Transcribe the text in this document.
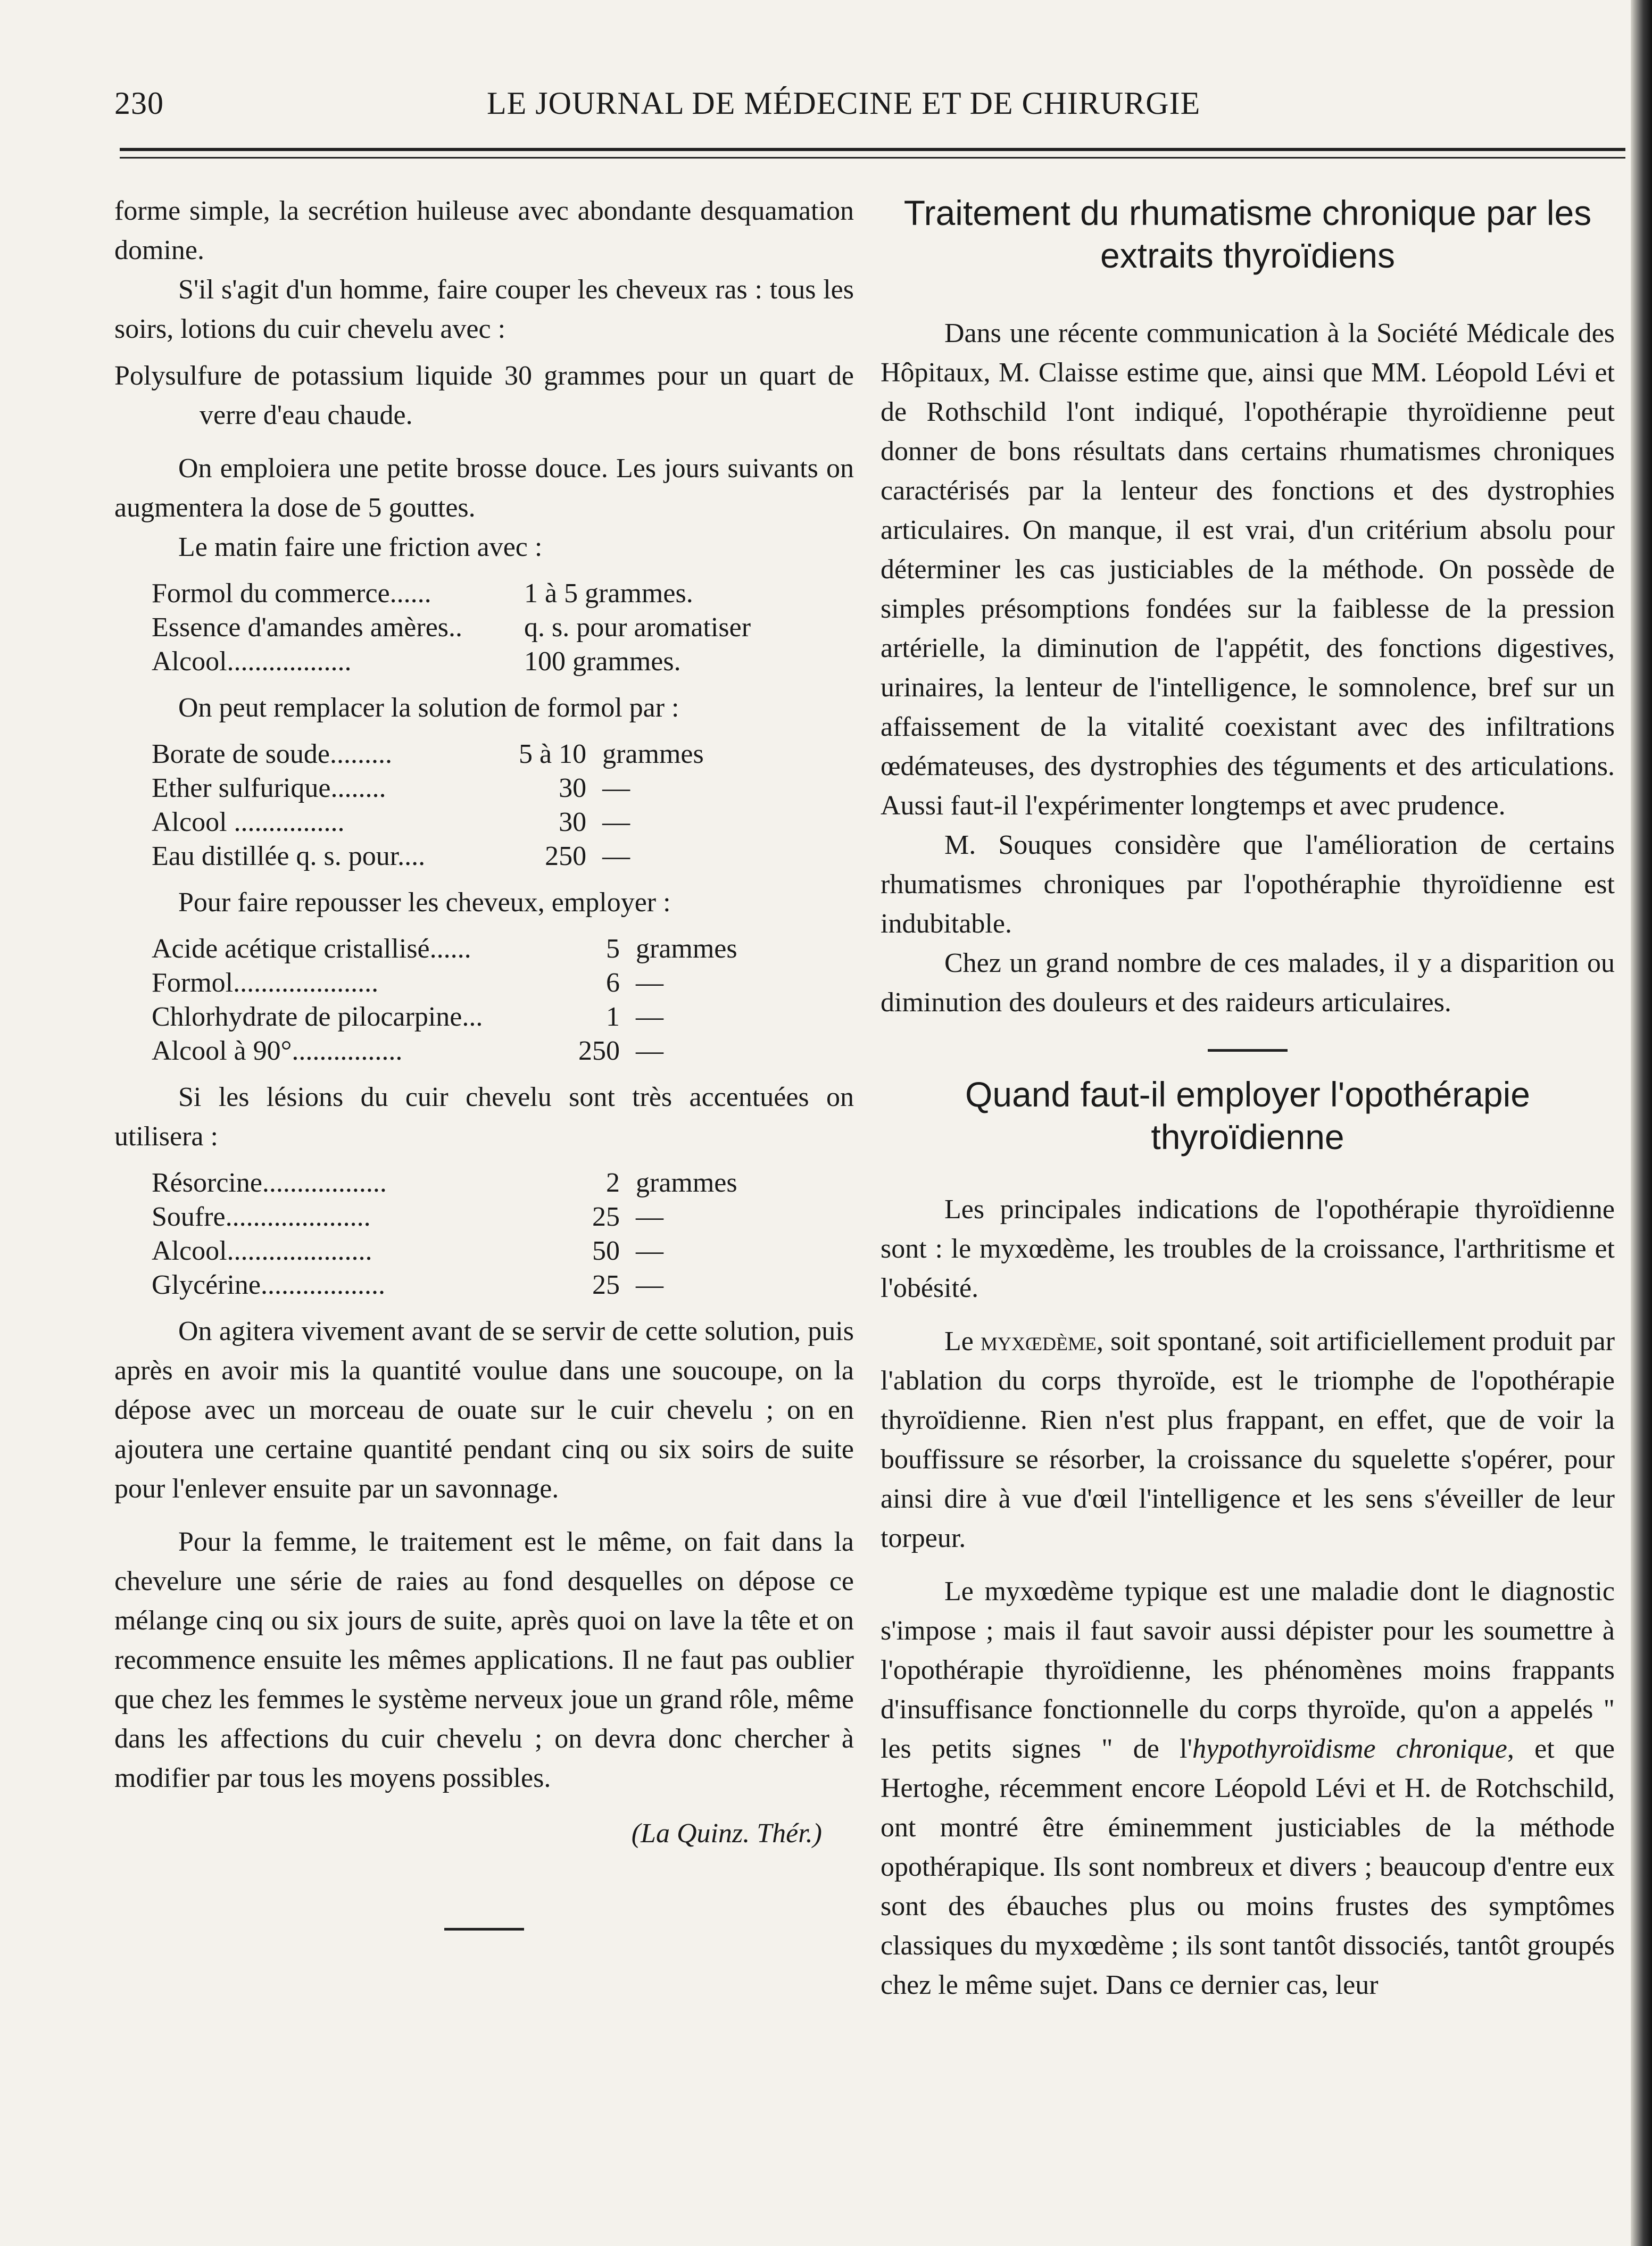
230	LE JOURNAL DE MÉDECINE ET DE CHIRURGIE

forme simple, la secrétion huileuse avec abondante desquamation domine.

S'il s'agit d'un homme, faire couper les cheveux ras : tous les soirs, lotions du cuir chevelu avec :

Polysulfure de potassium liquide 30 grammes pour un quart de verre d'eau chaude.

On emploiera une petite brosse douce. Les jours suivants on augmentera la dose de 5 gouttes.

Le matin faire une friction avec :

Formol du commerce......	1 à 5 grammes.
Essence d'amandes amères..	q. s. pour aromatiser
Alcool..................	100 grammes.

On peut remplacer la solution de formol par :

Borate de soude.........	5 à 10	grammes
Ether sulfurique........	30	—
Alcool ................	30	—
Eau distillée q. s. pour....	250	—

Pour faire repousser les cheveux, employer :

Acide acétique cristallisé......	5	grammes
Formol.....................	6	—
Chlorhydrate de pilocarpine...	1	—
Alcool à 90°................	250	—

Si les lésions du cuir chevelu sont très accentuées on utilisera :

Résorcine..................	2	grammes
Soufre.....................	25	—
Alcool.....................	50	—
Glycérine..................	25	—

On agitera vivement avant de se servir de cette solution, puis après en avoir mis la quantité voulue dans une soucoupe, on la dépose avec un morceau de ouate sur le cuir chevelu ; on en ajoutera une certaine quantité pendant cinq ou six soirs de suite pour l'enlever ensuite par un savonnage.

Pour la femme, le traitement est le même, on fait dans la chevelure une série de raies au fond desquelles on dépose ce mélange cinq ou six jours de suite, après quoi on lave la tête et on recommence ensuite les mêmes applications. Il ne faut pas oublier que chez les femmes le système nerveux joue un grand rôle, même dans les affections du cuir chevelu ; on devra donc chercher à modifier par tous les moyens possibles.

(La Quinz. Thér.)

Traitement du rhumatisme chronique par les extraits thyroïdiens

Dans une récente communication à la Société Médicale des Hôpitaux, M. Claisse estime que, ainsi que MM. Léopold Lévi et de Rothschild l'ont indiqué, l'opothérapie thyroïdienne peut donner de bons résultats dans certains rhumatismes chroniques caractérisés par la lenteur des fonctions et des dystrophies articulaires. On manque, il est vrai, d'un critérium absolu pour déterminer les cas justiciables de la méthode. On possède de simples présomptions fondées sur la faiblesse de la pression artérielle, la diminution de l'appétit, des fonctions digestives, urinaires, la lenteur de l'intelligence, le somnolence, bref sur un affaissement de la vitalité coexistant avec des infiltrations œdémateuses, des dystrophies des téguments et des articulations. Aussi faut-il l'expérimenter longtemps et avec prudence.

M. Souques considère que l'amélioration de certains rhumatismes chroniques par l'opothéraphie thyroïdienne est indubitable.

Chez un grand nombre de ces malades, il y a disparition ou diminution des douleurs et des raideurs articulaires.

Quand faut-il employer l'opothérapie thyroïdienne

Les principales indications de l'opothérapie thyroïdienne sont : le myxœdème, les troubles de la croissance, l'arthritisme et l'obésité.

Le myxœdème, soit spontané, soit artificiellement produit par l'ablation du corps thyroïde, est le triomphe de l'opothérapie thyroïdienne. Rien n'est plus frappant, en effet, que de voir la bouffissure se résorber, la croissance du squelette s'opérer, pour ainsi dire à vue d'œil l'intelligence et les sens s'éveiller de leur torpeur.

Le myxœdème typique est une maladie dont le diagnostic s'impose ; mais il faut savoir aussi dépister pour les soumettre à l'opothérapie thyroïdienne, les phénomènes moins frappants d'insuffisance fonctionnelle du corps thyroïde, qu'on a appelés " les petits signes " de l'hypothyroïdisme chronique, et que Hertoghe, récemment encore Léopold Lévi et H. de Rotchschild, ont montré être éminemment justiciables de la méthode opothérapique. Ils sont nombreux et divers ; beaucoup d'entre eux sont des ébauches plus ou moins frustes des symptômes classiques du myxœdème ; ils sont tantôt dissociés, tantôt groupés chez le même sujet. Dans ce dernier cas, leur
